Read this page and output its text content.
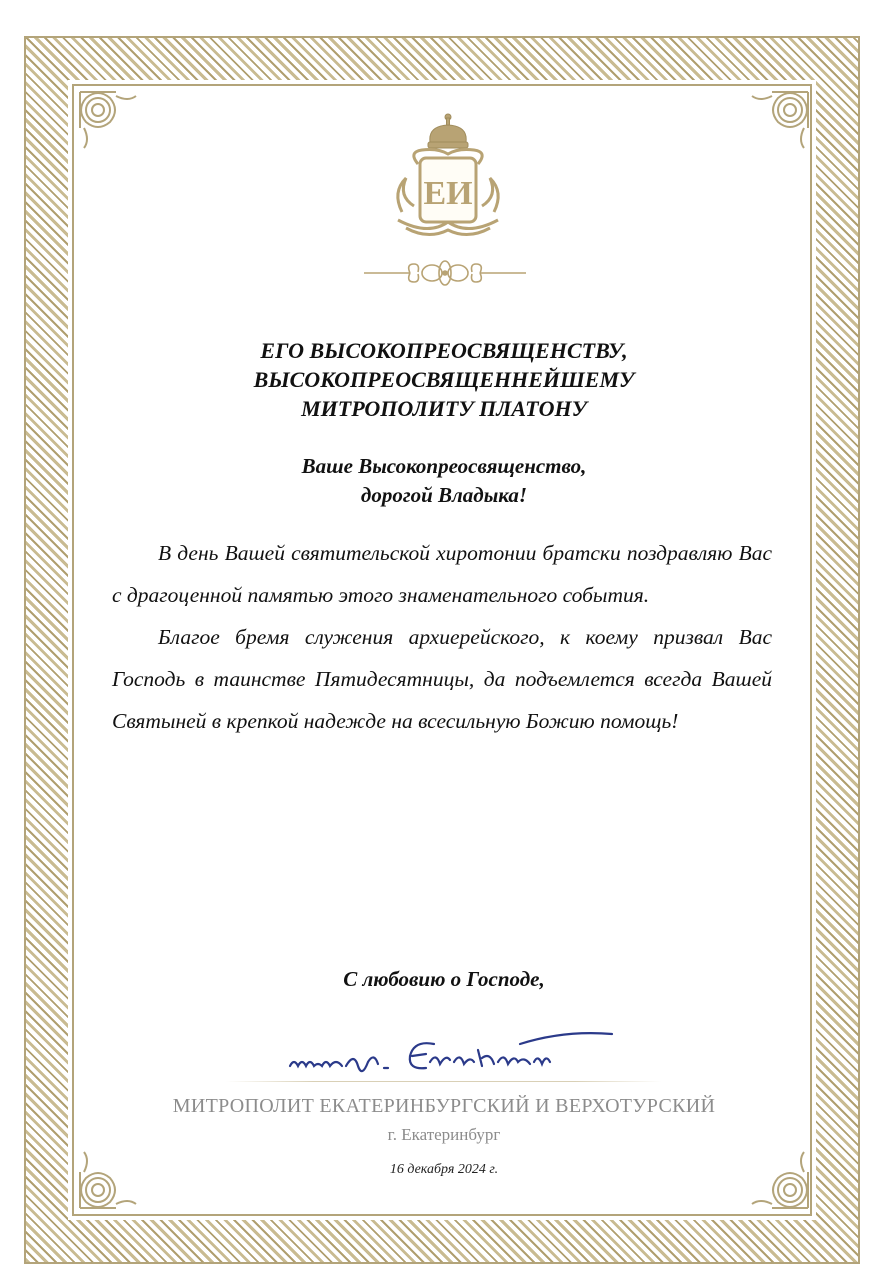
ЕИ
ЕГО ВЫСОКОПРЕОСВЯЩЕНСТВУ,
ВЫСОКОПРЕОСВЯЩЕННЕЙШЕМУ
МИТРОПОЛИТУ ПЛАТОНУ
Ваше Высокопреосвященство,
дорогой Владыка!

В день Вашей святительской хиротонии братски поздравляю Вас с драгоценной памятью этого знаменательного события.

Благое бремя служения архиерейского, к коему призвал Вас Господь в таинстве Пятидесятницы, да подъемлется всегда Вашей Святыней в крепкой надежде на всесильную Божию помощь!

С любовию о Господе,
МИТРОПОЛИТ ЕКАТЕРИНБУРГСКИЙ И ВЕРХОТУРСКИЙ
г. Екатеринбург
16 декабря 2024 г.
